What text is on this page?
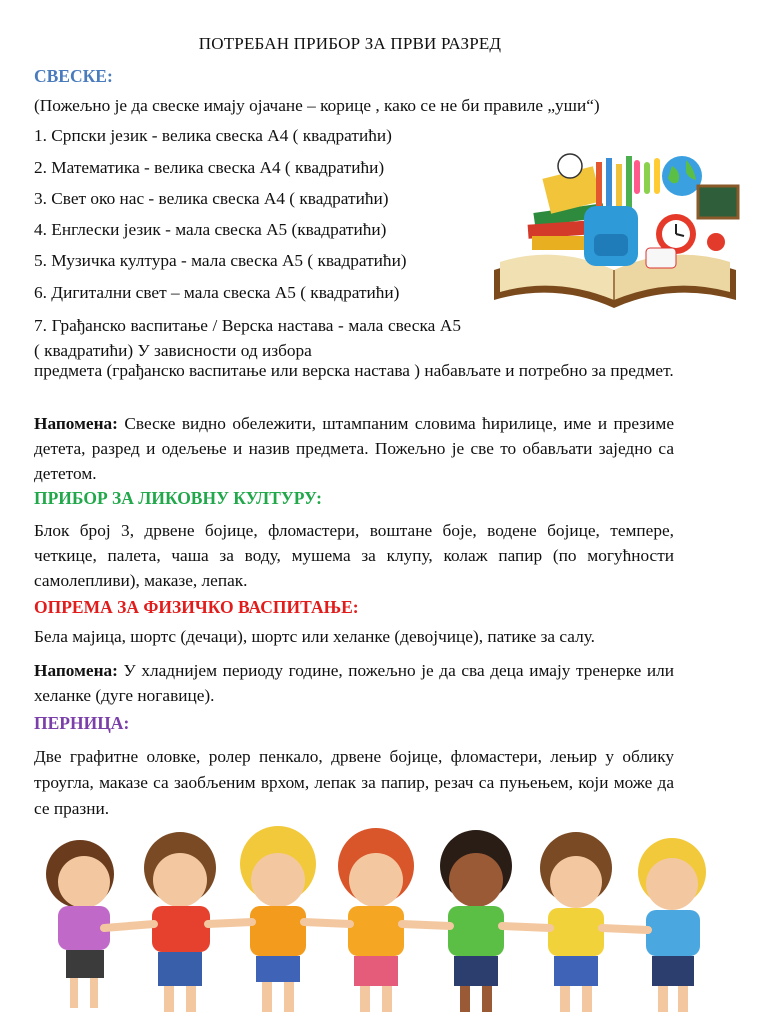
ПОТРЕБАН ПРИБОР ЗА ПРВИ РАЗРЕД
СВЕСКЕ:
(Пожељно је да свеске имају ојачане – корице , како се не би правиле „уши“)
1. Српски језик - велика свеска А4 ( квадратићи)
2. Математика - велика свеска А4 ( квадратићи)
3. Свет око нас - велика свеска А4 ( квадратићи)
4. Енглески језик - мала свеска А5 (квадратићи)
5. Музичка култура - мала свеска А5 ( квадратићи)
6. Дигитални свет – мала свеска А5 ( квадратићи)
7. Грађанско васпитање / Верска настава - мала свеска А5 ( квадратићи) У зависности од избора
предмета (грађанско васпитање или верска настава ) набављате и потребно за предмет.
Напомена: Свеске видно обележити, штампаним словима ћирилице, име и презиме детета, разред и одељење и назив предмета. Пожељно је све то обављати заједно са дететом.
ПРИБОР ЗА ЛИКОВНУ КУЛТУРУ:
Блок број 3, дрвене бојице, фломастери, воштане боје, водене бојице, темпере, четкице, палета, чаша за воду, мушема за клупу, колаж папир (по могућности самолепливи), маказе, лепак.
ОПРЕМА ЗА ФИЗИЧКО ВАСПИТАЊЕ:
Бела мајица, шортс (дечаци), шортс или хеланке (девојчице), патике за салу.
Напомена: У хладнијем периоду године, пожељно је да сва деца имају тренерке или хеланке (дуге ногавице).
ПЕРНИЦА:
Две графитне оловке, ролер пенкало, дрвене бојице, фломастери, лењир у облику троугла, маказе са заобљеним врхом, лепак за папир, резач са пуњењем, који може да се празни.
